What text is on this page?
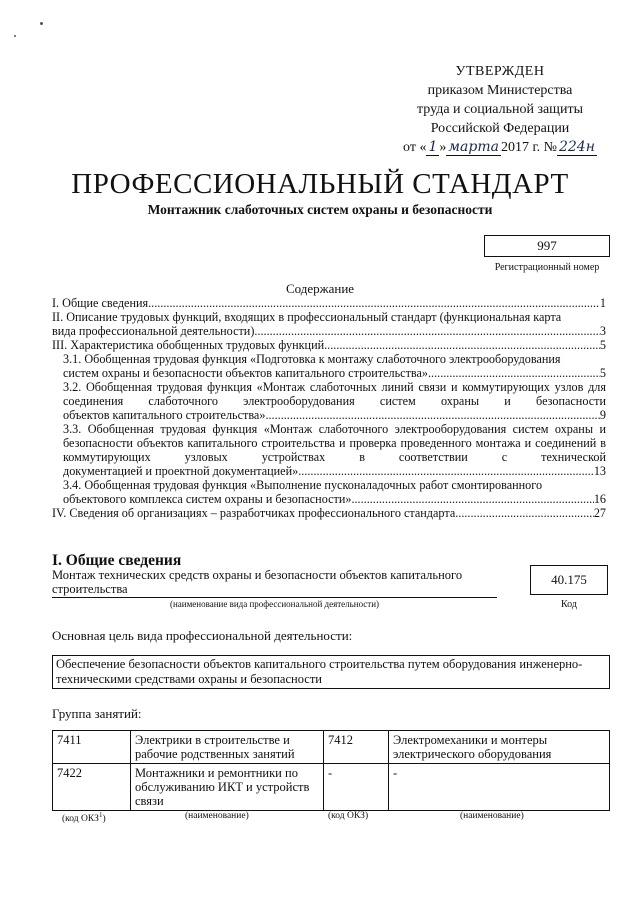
УТВЕРЖДЕН
приказом Министерства
труда и социальной защиты
Российской Федерации
от « 1 » марта 2017 г. № 224н
ПРОФЕССИОНАЛЬНЫЙ СТАНДАРТ
Монтажник слаботочных систем охраны и безопасности
997
Регистрационный номер
Содержание
I. Общие сведения .....	1
II. Описание трудовых функций, входящих в профессиональный стандарт (функциональная карта
вида профессиональной деятельности) .....	3
III. Характеристика обобщенных трудовых функций .....	5
3.1. Обобщенная трудовая функция «Подготовка к монтажу слаботочного электрооборудования
систем охраны и безопасности объектов капитального строительства» .....	5
3.2. Обобщенная трудовая функция «Монтаж слаботочных линий связи и коммутирующих узлов для соединения слаботочного электрооборудования систем охраны и безопасности
объектов капитального строительства» .....	9
3.3. Обобщенная трудовая функция «Монтаж слаботочного электрооборудования систем охраны и безопасности объектов капитального строительства и проверка проведенного монтажа и соединений в коммутирующих узловых устройствах в соответствии с технической
документацией и проектной документацией» .....	13
3.4. Обобщенная трудовая функция «Выполнение пусконаладочных работ смонтированного
объектового комплекса систем охраны и безопасности» .....	16
IV. Сведения об организациях – разработчиках профессионального стандарта .....	27
I. Общие сведения
Монтаж технических средств охраны и безопасности объектов капитального строительства
(наименование вида профессиональной деятельности)
40.175
Код
Основная цель вида профессиональной деятельности:
Обеспечение безопасности объектов капитального строительства путем оборудования инженерно-техническими средствами охраны и безопасности
Группа занятий:
7411	Электрики в строительстве и рабочие родственных занятий	7412	Электромеханики и монтеры электрического оборудования
7422	Монтажники и ремонтники по обслуживанию ИКТ и устройств связи	-	-
(код ОКЗ$^1$)	(наименование)	(код ОКЗ)	(наименование)
